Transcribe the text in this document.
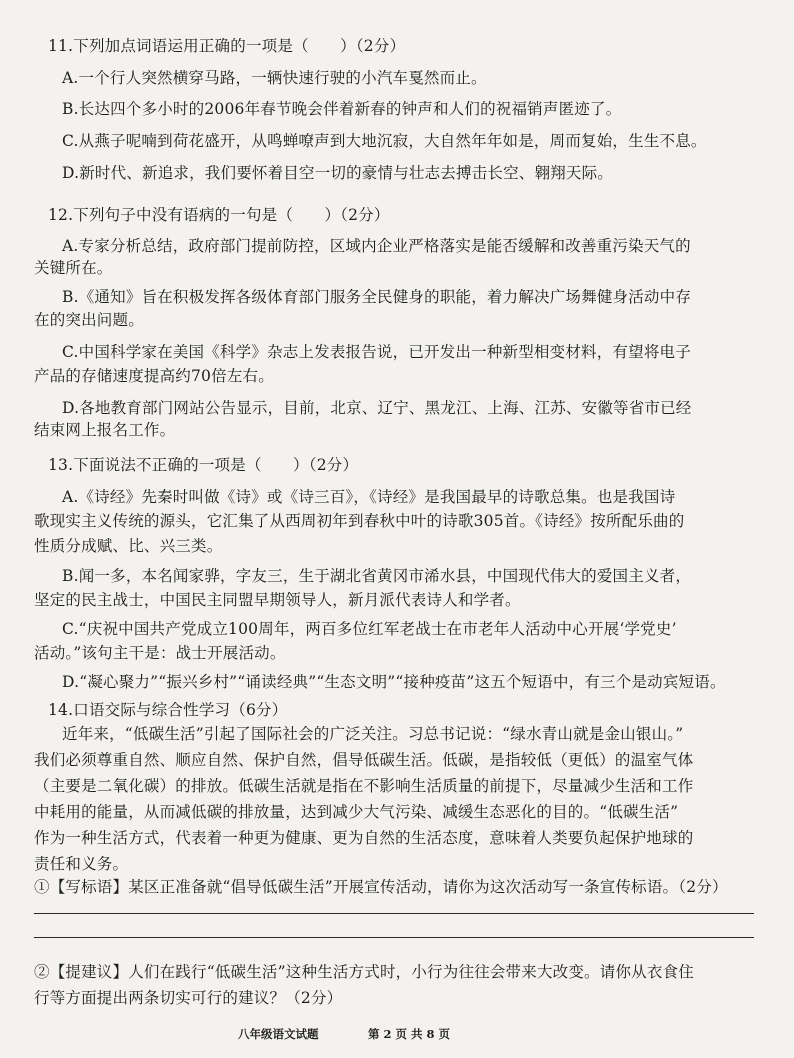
11.下列加点词语运用正确的一项是（　　）（2分）
A.一个行人突然横穿马路，一辆快速行驶的小汽车戛然而止。
B.长达四个多小时的2006年春节晚会伴着新春的钟声和人们的祝福销声匿迹了。
C.从燕子呢喃到荷花盛开，从鸣蝉嘹声到大地沉寂，大自然年年如是，周而复始，生生不息。
D.新时代、新追求，我们要怀着目空一切的豪情与壮志去搏击长空、翱翔天际。
12.下列句子中没有语病的一句是（　　）（2分）
A.专家分析总结，政府部门提前防控，区域内企业严格落实是能否缓解和改善重污染天气的
关键所在。
B.《通知》旨在积极发挥各级体育部门服务全民健身的职能，着力解决广场舞健身活动中存
在的突出问题。
C.中国科学家在美国《科学》杂志上发表报告说，已开发出一种新型相变材料，有望将电子
产品的存储速度提高约70倍左右。
D.各地教育部门网站公告显示，目前，北京、辽宁、黑龙江、上海、江苏、安徽等省市已经
结束网上报名工作。
13.下面说法不正确的一项是（　　）（2分）
A.《诗经》先秦时叫做《诗》或《诗三百》，《诗经》是我国最早的诗歌总集。也是我国诗
歌现实主义传统的源头，它汇集了从西周初年到春秋中叶的诗歌305首。《诗经》按所配乐曲的
性质分成赋、比、兴三类。
B.闻一多，本名闻家骅，字友三，生于湖北省黄冈市浠水县，中国现代伟大的爱国主义者，
坚定的民主战士，中国民主同盟早期领导人，新月派代表诗人和学者。
C.“庆祝中国共产党成立100周年，两百多位红军老战士在市老年人活动中心开展‘学党史’
活动。”该句主干是：战士开展活动。
D.“凝心聚力”“振兴乡村”“诵读经典”“生态文明”“接种疫苗”这五个短语中，有三个是动宾短语。
14.口语交际与综合性学习（6分）
近年来，“低碳生活”引起了国际社会的广泛关注。习总书记说：“绿水青山就是金山银山。”
我们必须尊重自然、顺应自然、保护自然，倡导低碳生活。低碳，是指较低（更低）的温室气体
（主要是二氧化碳）的排放。低碳生活就是指在不影响生活质量的前提下，尽量减少生活和工作
中耗用的能量，从而减低碳的排放量，达到减少大气污染、减缓生态恶化的目的。“低碳生活”
作为一种生活方式，代表着一种更为健康、更为自然的生活态度，意味着人类要负起保护地球的
责任和义务。
①【写标语】某区正准备就“倡导低碳生活”开展宣传活动，请你为这次活动写一条宣传标语。（2分）
②【提建议】人们在践行“低碳生活”这种生活方式时，小行为往往会带来大改变。请你从衣食住
行等方面提出两条切实可行的建议？（2分）
八年级语文试题	第 2 页 共 8 页
